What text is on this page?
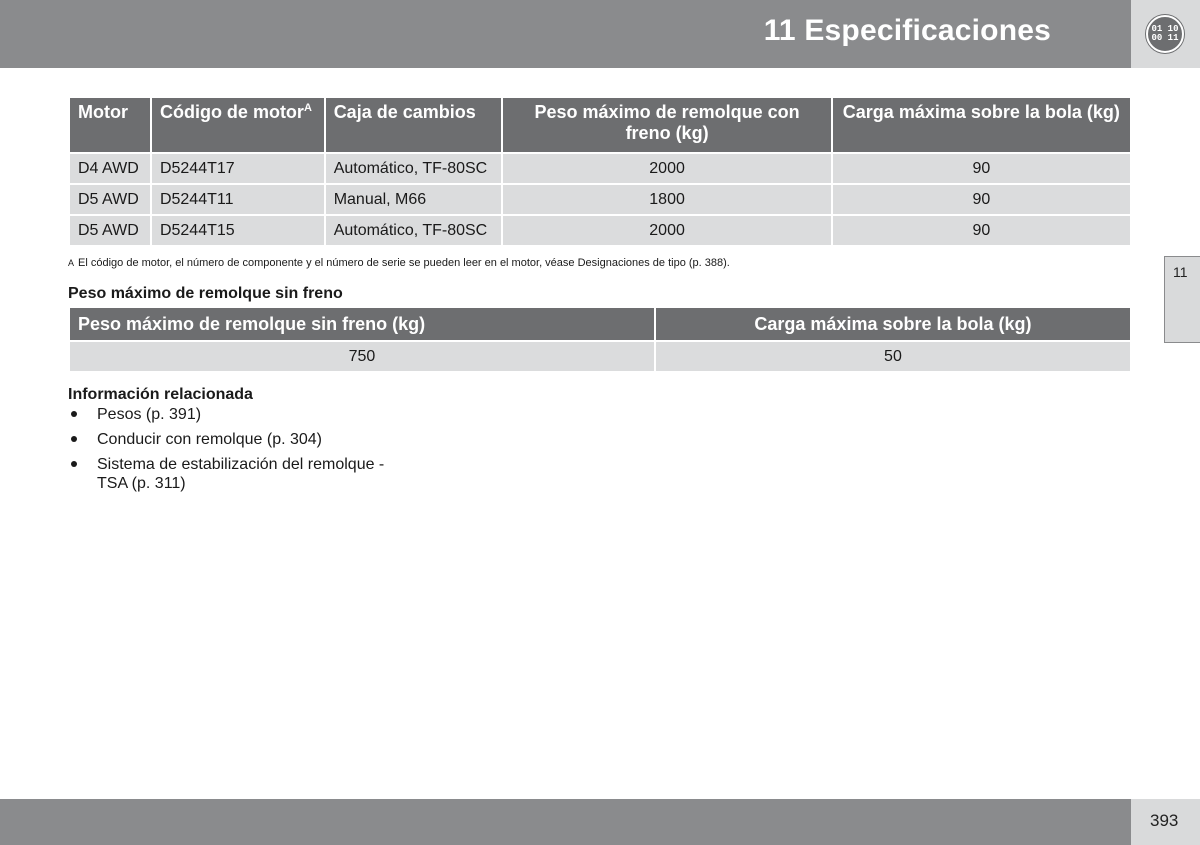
11 Especificaciones	01 10
00 11
11
Motor	Código de motor$^A$	Caja de cambios	Peso máximo de remolque con freno (kg)	Carga máxima sobre la bola (kg)
D4 AWD	D5244T17	Automático, TF-80SC	2000	90
D5 AWD	D5244T11	Manual, M66	1800	90
D5 AWD	D5244T15	Automático, TF-80SC	2000	90
A El código de motor, el número de componente y el número de serie se pueden leer en el motor, véase Designaciones de tipo (p. 388).
Peso máximo de remolque sin freno
Peso máximo de remolque sin freno (kg)	Carga máxima sobre la bola (kg)
750	50
Información relacionada
Pesos (p. 391)
Conducir con remolque (p. 304)
Sistema de estabilización del remolque - TSA (p. 311)
393
